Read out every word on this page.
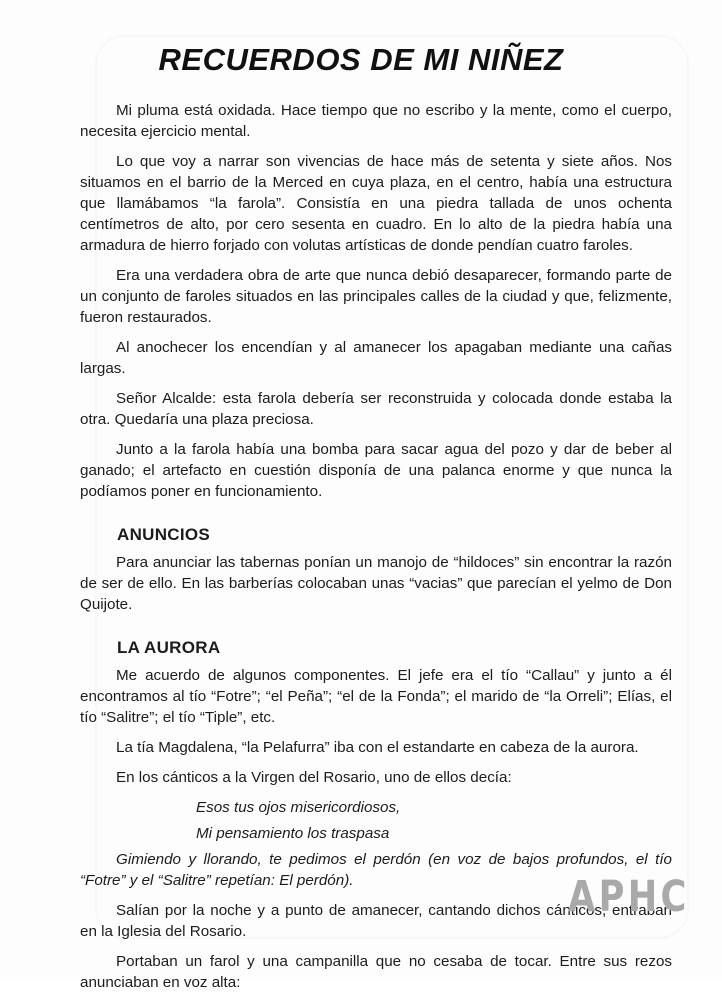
RECUERDOS DE MI NIÑEZ

Mi pluma está oxidada. Hace tiempo que no escribo y la mente, como el cuerpo, necesita ejercicio mental.

Lo que voy a narrar son vivencias de hace más de setenta y siete años. Nos situamos en el barrio de la Merced en cuya plaza, en el centro, había una estructura que llamábamos “la farola”. Consistía en una piedra tallada de unos ochenta centímetros de alto, por cero sesenta en cuadro. En lo alto de la piedra había una armadura de hierro forjado con volutas artísticas de donde pendían cuatro faroles.

Era una verdadera obra de arte que nunca debió desaparecer, formando parte de un conjunto de faroles situados en las principales calles de la ciudad y que, felizmente, fueron restaurados.

Al anochecer los encendían y al amanecer los apagaban mediante una cañas largas.

Señor Alcalde: esta farola debería ser reconstruida y colocada donde estaba la otra. Quedaría una plaza preciosa.

Junto a la farola había una bomba para sacar agua del pozo y dar de beber al ganado; el artefacto en cuestión disponía de una palanca enorme y que nunca la podíamos poner en funcionamiento.

ANUNCIOS

Para anunciar las tabernas ponían un manojo de “hildoces” sin encontrar la razón de ser de ello. En las barberías colocaban unas “vacias” que parecían el yelmo de Don Quijote.

LA AURORA

Me acuerdo de algunos componentes. El jefe era el tío “Callau” y junto a él encontramos al tío “Fotre”; “el Peña”; “el de la Fonda”; el marido de “la Orreli”; Elías, el tío “Salitre”; el tío “Tiple”, etc.

La tía Magdalena, “la Pelafurra” iba con el estandarte en cabeza de la aurora.

En los cánticos a la Virgen del Rosario, uno de ellos decía:

Esos tus ojos misericordiosos,

Mi pensamiento los traspasa

Gimiendo y llorando, te pedimos el perdón (en voz de bajos profundos, el tío “Fotre” y el “Salitre” repetían: El perdón).

Salían por la noche y a punto de amanecer, cantando dichos cánticos, entraban en la Iglesia del Rosario.

Portaban un farol y una campanilla que no cesaba de tocar. Entre sus rezos anunciaban en voz alta:

APHC
